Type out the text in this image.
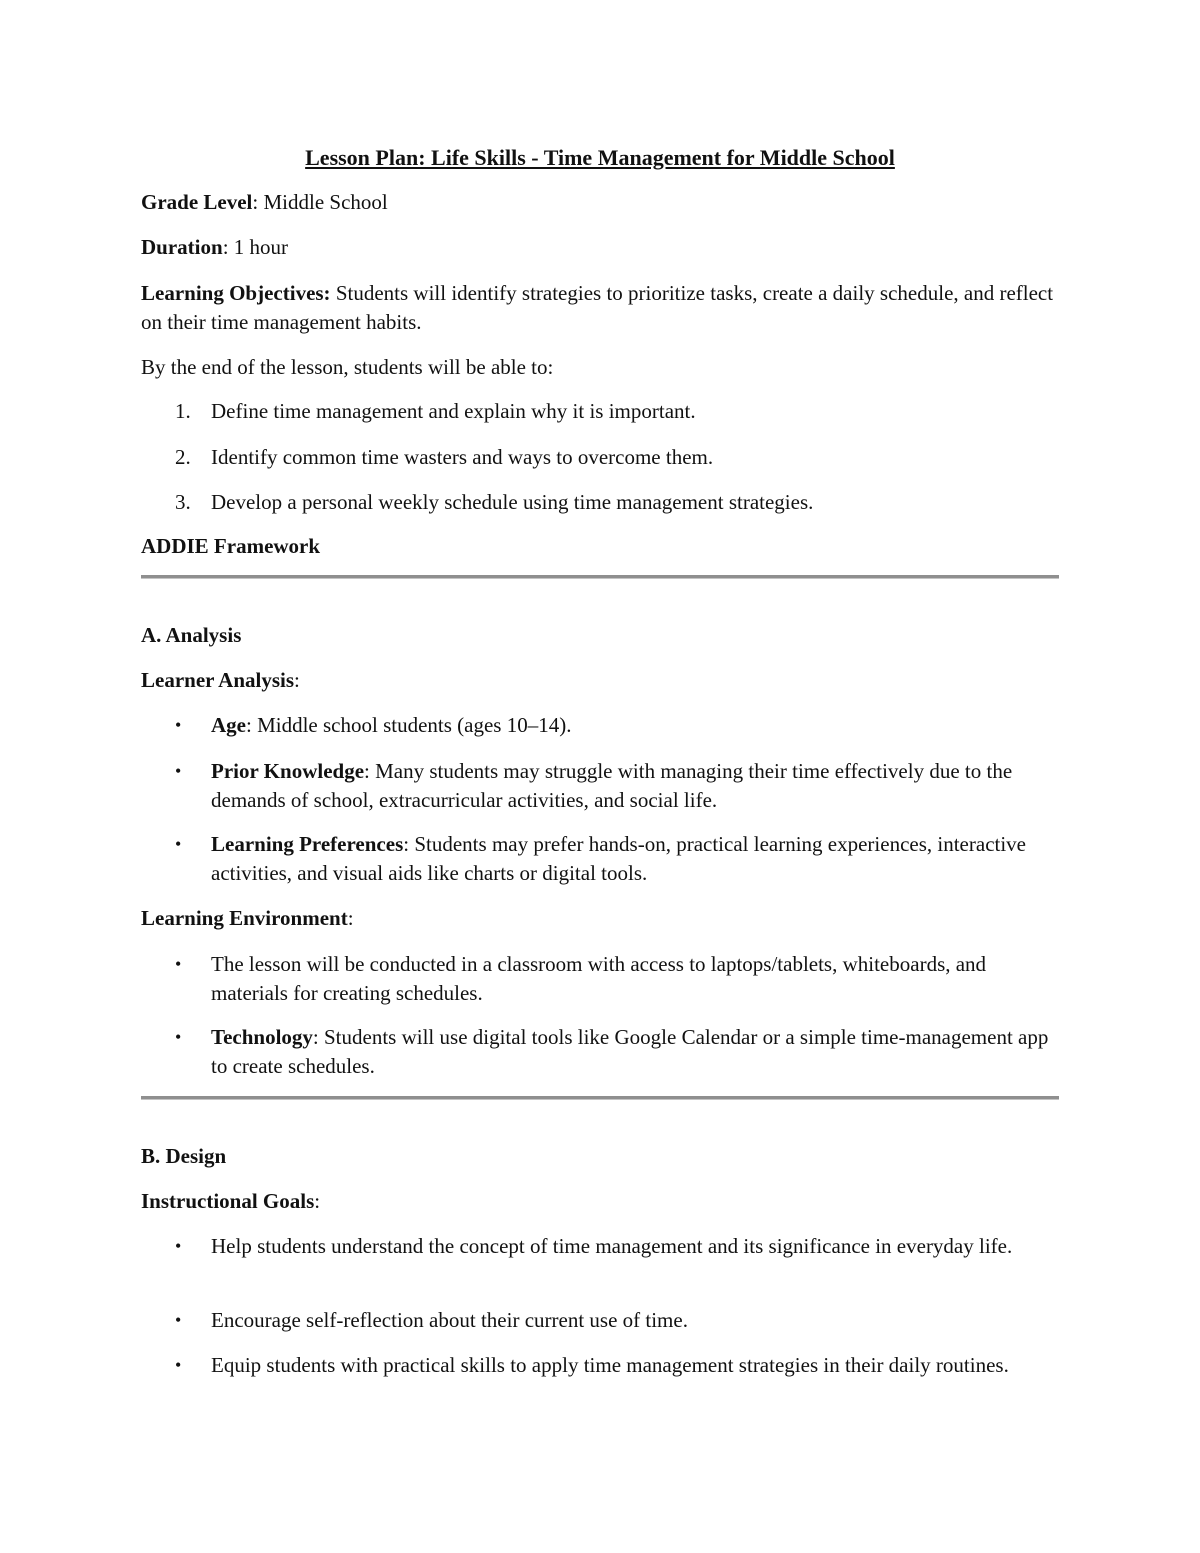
Lesson Plan: Life Skills - Time Management for Middle School

Grade Level: Middle School

Duration: 1 hour

Learning Objectives: Students will identify strategies to prioritize tasks, create a daily schedule, and reflect on their time management habits.

By the end of the lesson, students will be able to:

1. Define time management and explain why it is important.

2. Identify common time wasters and ways to overcome them.

3. Develop a personal weekly schedule using time management strategies.

ADDIE Framework

A. Analysis

Learner Analysis:

•	Age: Middle school students (ages 10–14).

•	Prior Knowledge: Many students may struggle with managing their time effectively due to the demands of school, extracurricular activities, and social life.

•	Learning Preferences: Students may prefer hands-on, practical learning experiences, interactive activities, and visual aids like charts or digital tools.

Learning Environment:

•	The lesson will be conducted in a classroom with access to laptops/tablets, whiteboards, and materials for creating schedules.

•	Technology: Students will use digital tools like Google Calendar or a simple time-management app to create schedules.

B. Design

Instructional Goals:

•	Help students understand the concept of time management and its significance in everyday life.

•	Encourage self-reflection about their current use of time.

•	Equip students with practical skills to apply time management strategies in their daily routines.
